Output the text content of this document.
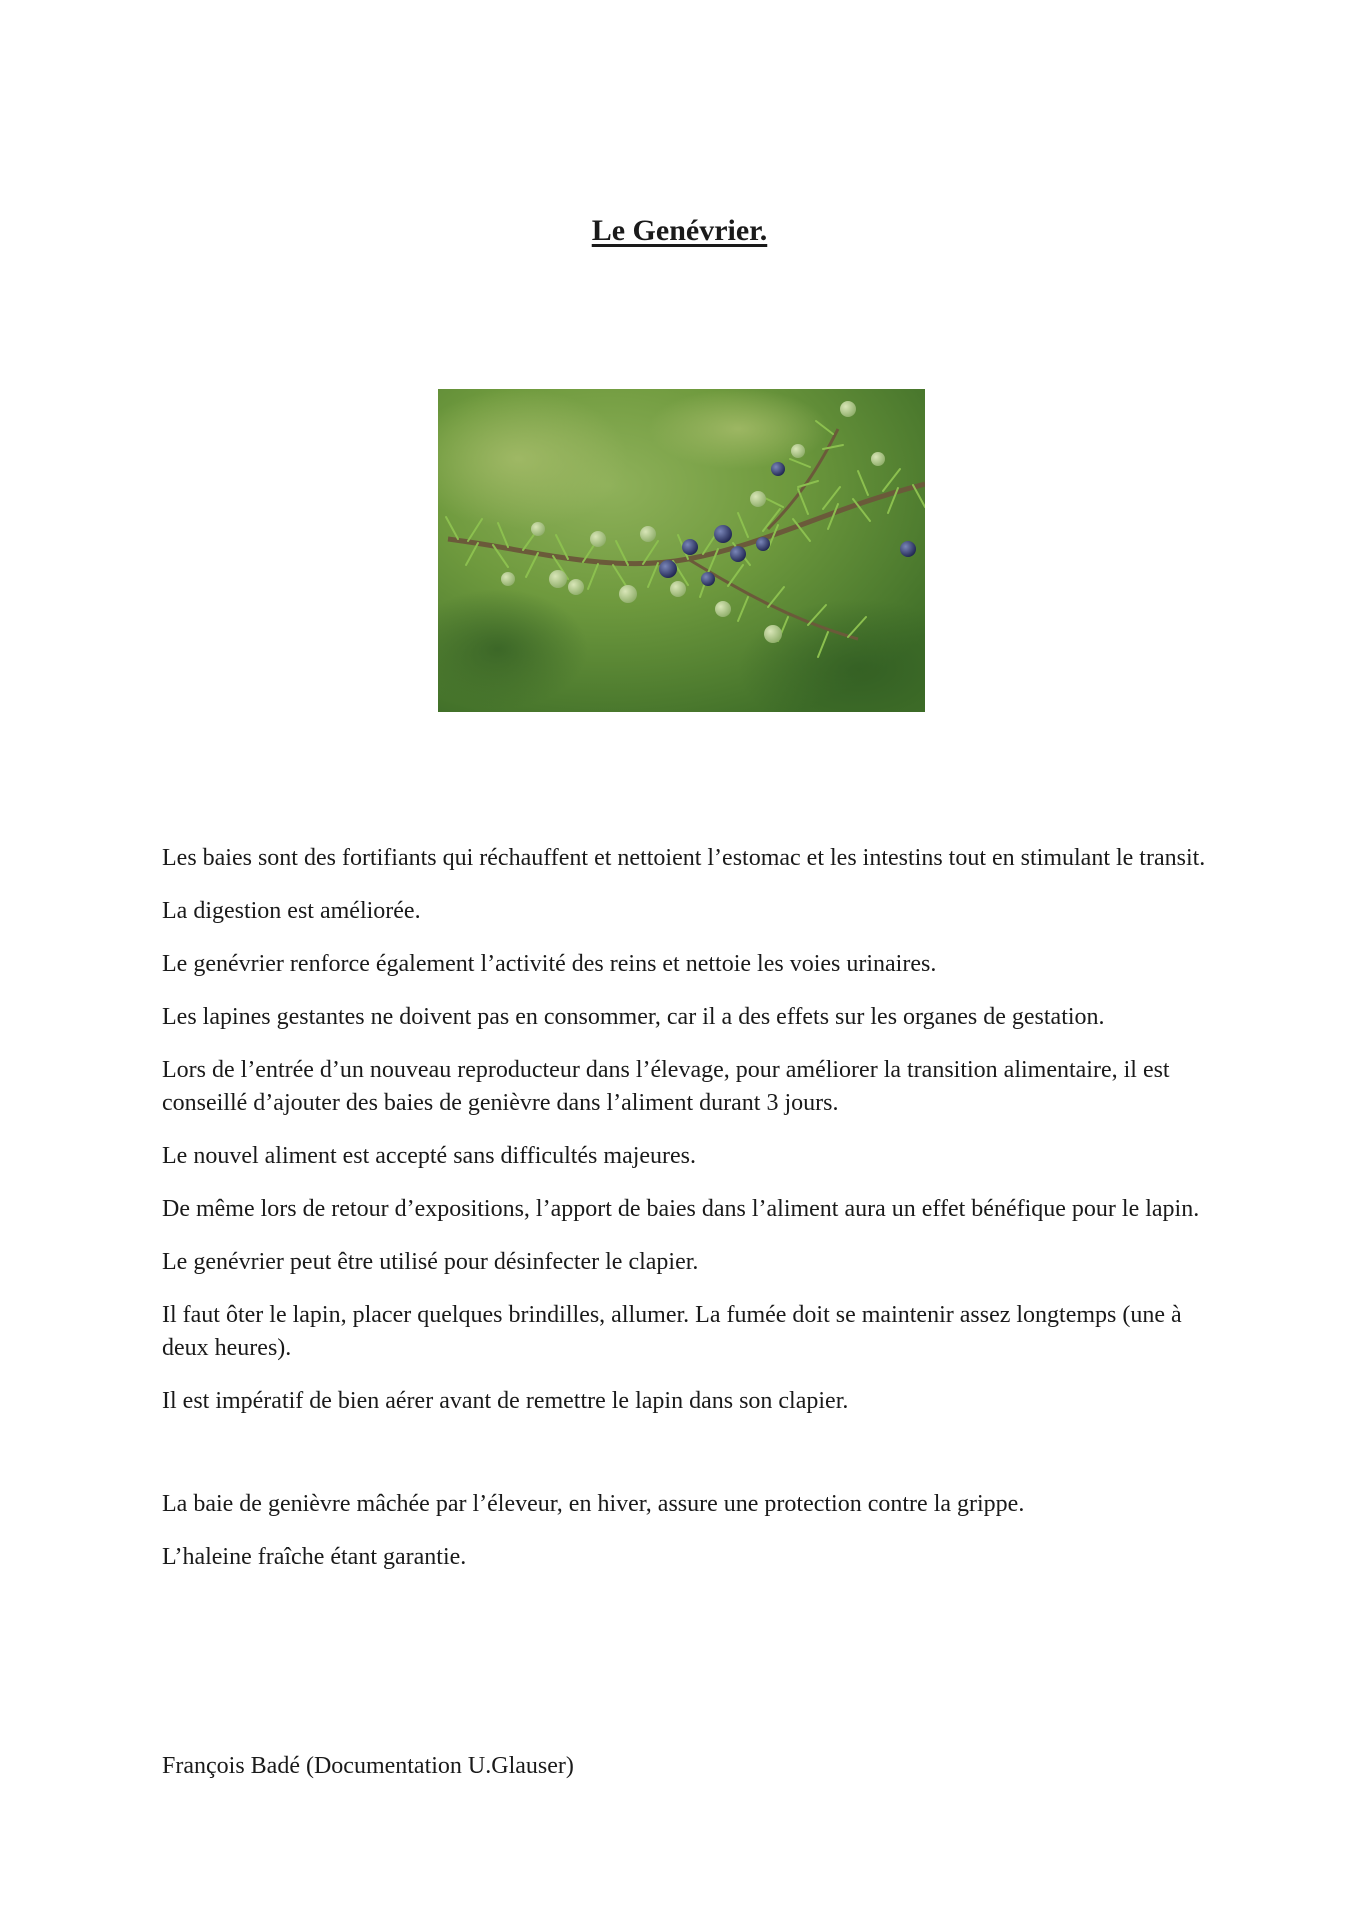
Le Genévrier.

Les baies sont des fortifiants qui réchauffent et nettoient l’estomac et les intestins tout en stimulant le transit.

La digestion est améliorée.

Le genévrier renforce également l’activité des reins et nettoie les voies urinaires.

Les lapines gestantes ne doivent pas en consommer, car il a des effets sur les organes de gestation.

Lors de l’entrée d’un nouveau reproducteur dans l’élevage, pour améliorer la transition alimentaire, il est conseillé d’ajouter des baies de genièvre dans l’aliment durant 3 jours.

Le nouvel aliment est accepté sans difficultés majeures.

De même lors de retour d’expositions, l’apport de baies dans l’aliment aura un effet bénéfique pour le lapin.

Le genévrier peut être utilisé pour désinfecter le clapier.

Il faut ôter le lapin, placer quelques brindilles, allumer. La fumée doit se maintenir assez longtemps (une à deux heures).

Il est impératif de bien aérer avant de remettre le lapin dans son clapier.

La baie de genièvre mâchée par l’éleveur, en hiver, assure une protection contre la grippe.

L’haleine fraîche étant garantie.

François Badé (Documentation U.Glauser)
